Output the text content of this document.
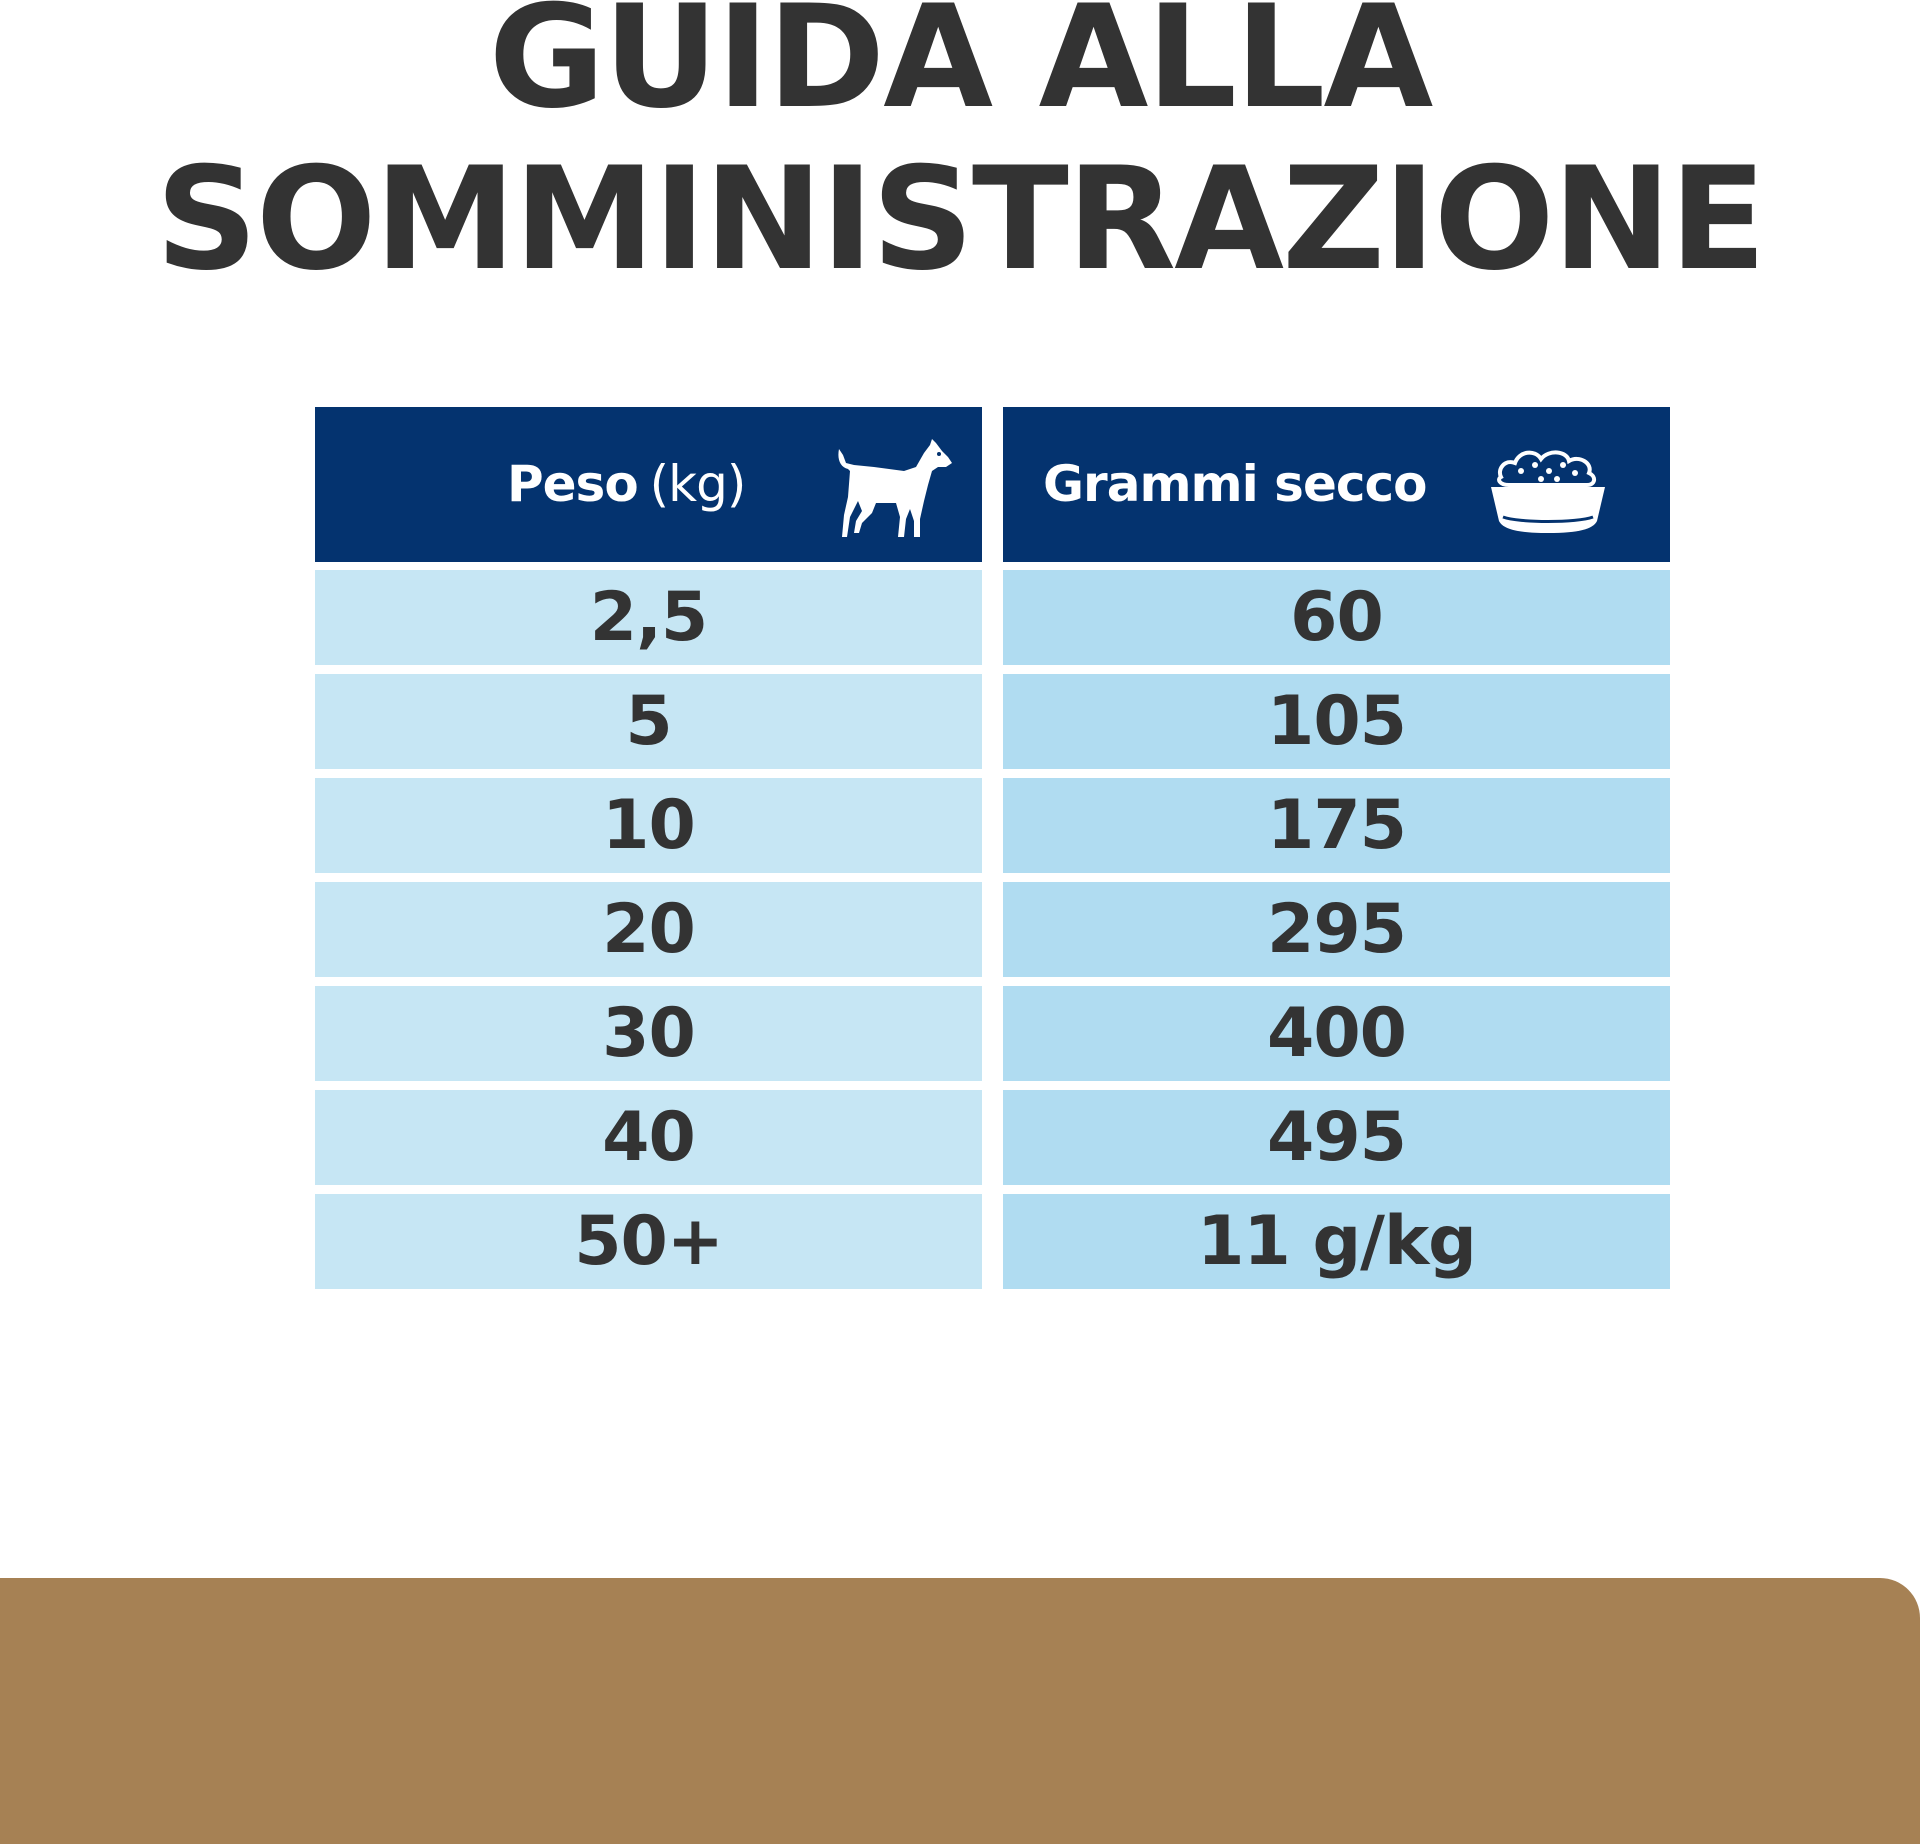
GUIDA ALLA
SOMMINISTRAZIONE
Peso (kg)	Grammi secco
2,5	60
5	105
10	175
20	295
30	400
40	495
50+	11 g/kg
